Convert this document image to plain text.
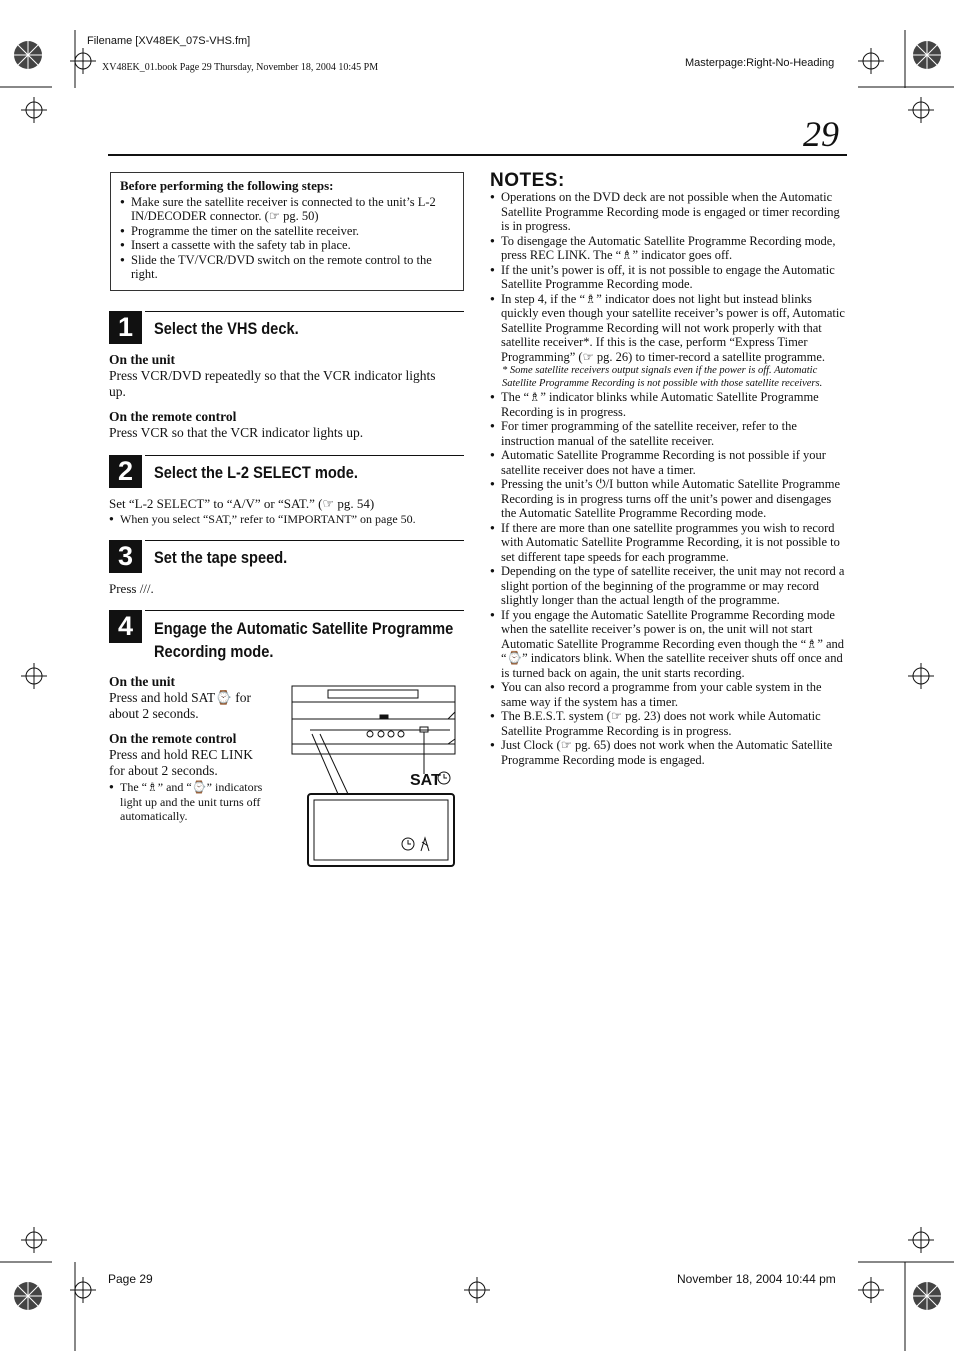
Filename [XV48EK_07S-VHS.fm]
XV48EK_01.book Page 29 Thursday, November 18, 2004 10:45 PM	Masterpage:Right-No-Heading
29
Before performing the following steps:
● Make sure the satellite receiver is connected to the unit’s L-2 IN/DECODER connector. (☞ pg. 50)
● Programme the timer on the satellite receiver.
● Insert a cassette with the safety tab in place.
● Slide the TV/VCR/DVD switch on the remote control to the right.
1	Select the VHS deck.
On the unit
Press VCR/DVD repeatedly so that the VCR indicator lights up.
On the remote control
Press VCR so that the VCR indicator lights up.
2	Select the L-2 SELECT mode.
Set “L-2 SELECT” to “A/V” or “SAT.” (☞ pg. 54)
● When you select “SAT,” refer to “IMPORTANT” on page 50.
3	Set the tape speed.
Press ///.
4	Engage the Automatic Satellite Programme
Recording mode.
On the unit
Press and hold SAT⌚ for
about 2 seconds.
On the remote control
Press and hold REC LINK
for about 2 seconds.
● The “♗” and “⌚” indicators light up and the unit turns off automatically.
SAT
NOTES:
● Operations on the DVD deck are not possible when the Automatic Satellite Programme Recording mode is engaged or timer recording is in progress.
● To disengage the Automatic Satellite Programme Recording mode, press REC LINK. The “♗” indicator goes off.
● If the unit’s power is off, it is not possible to engage the Automatic Satellite Programme Recording mode.
● In step 4, if the “♗” indicator does not light but instead blinks quickly even though your satellite receiver’s power is off, Automatic Satellite Programme Recording will not work properly with that satellite receiver*. If this is the case, perform “Express Timer Programming” (☞ pg. 26) to timer-record a satellite programme.
* Some satellite receivers output signals even if the power is off. Automatic Satellite Programme Recording is not possible with those satellite receivers.
● The “♗” indicator blinks while Automatic Satellite Programme Recording is in progress.
● For timer programming of the satellite receiver, refer to the instruction manual of the satellite receiver.
● Automatic Satellite Programme Recording is not possible if your satellite receiver does not have a timer.
● Pressing the unit’s ⏻/I button while Automatic Satellite Programme Recording is in progress turns off the unit’s power and disengages the Automatic Satellite Programme Recording mode.
● If there are more than one satellite programmes you wish to record with Automatic Satellite Programme Recording, it is not possible to set different tape speeds for each programme.
● Depending on the type of satellite receiver, the unit may not record a slight portion of the beginning of the programme or may record slightly longer than the actual length of the programme.
● If you engage the Automatic Satellite Programme Recording mode when the satellite receiver’s power is on, the unit will not start Automatic Satellite Programme Recording even though the “♗” and “⌚” indicators blink. When the satellite receiver shuts off once and is turned back on again, the unit starts recording.
● You can also record a programme from your cable system in the same way if the system has a timer.
● The B.E.S.T. system (☞ pg. 23) does not work while Automatic Satellite Programme Recording is in progress.
● Just Clock (☞ pg. 65) does not work when the Automatic Satellite Programme Recording mode is engaged.
Page 29	November 18, 2004 10:44 pm
